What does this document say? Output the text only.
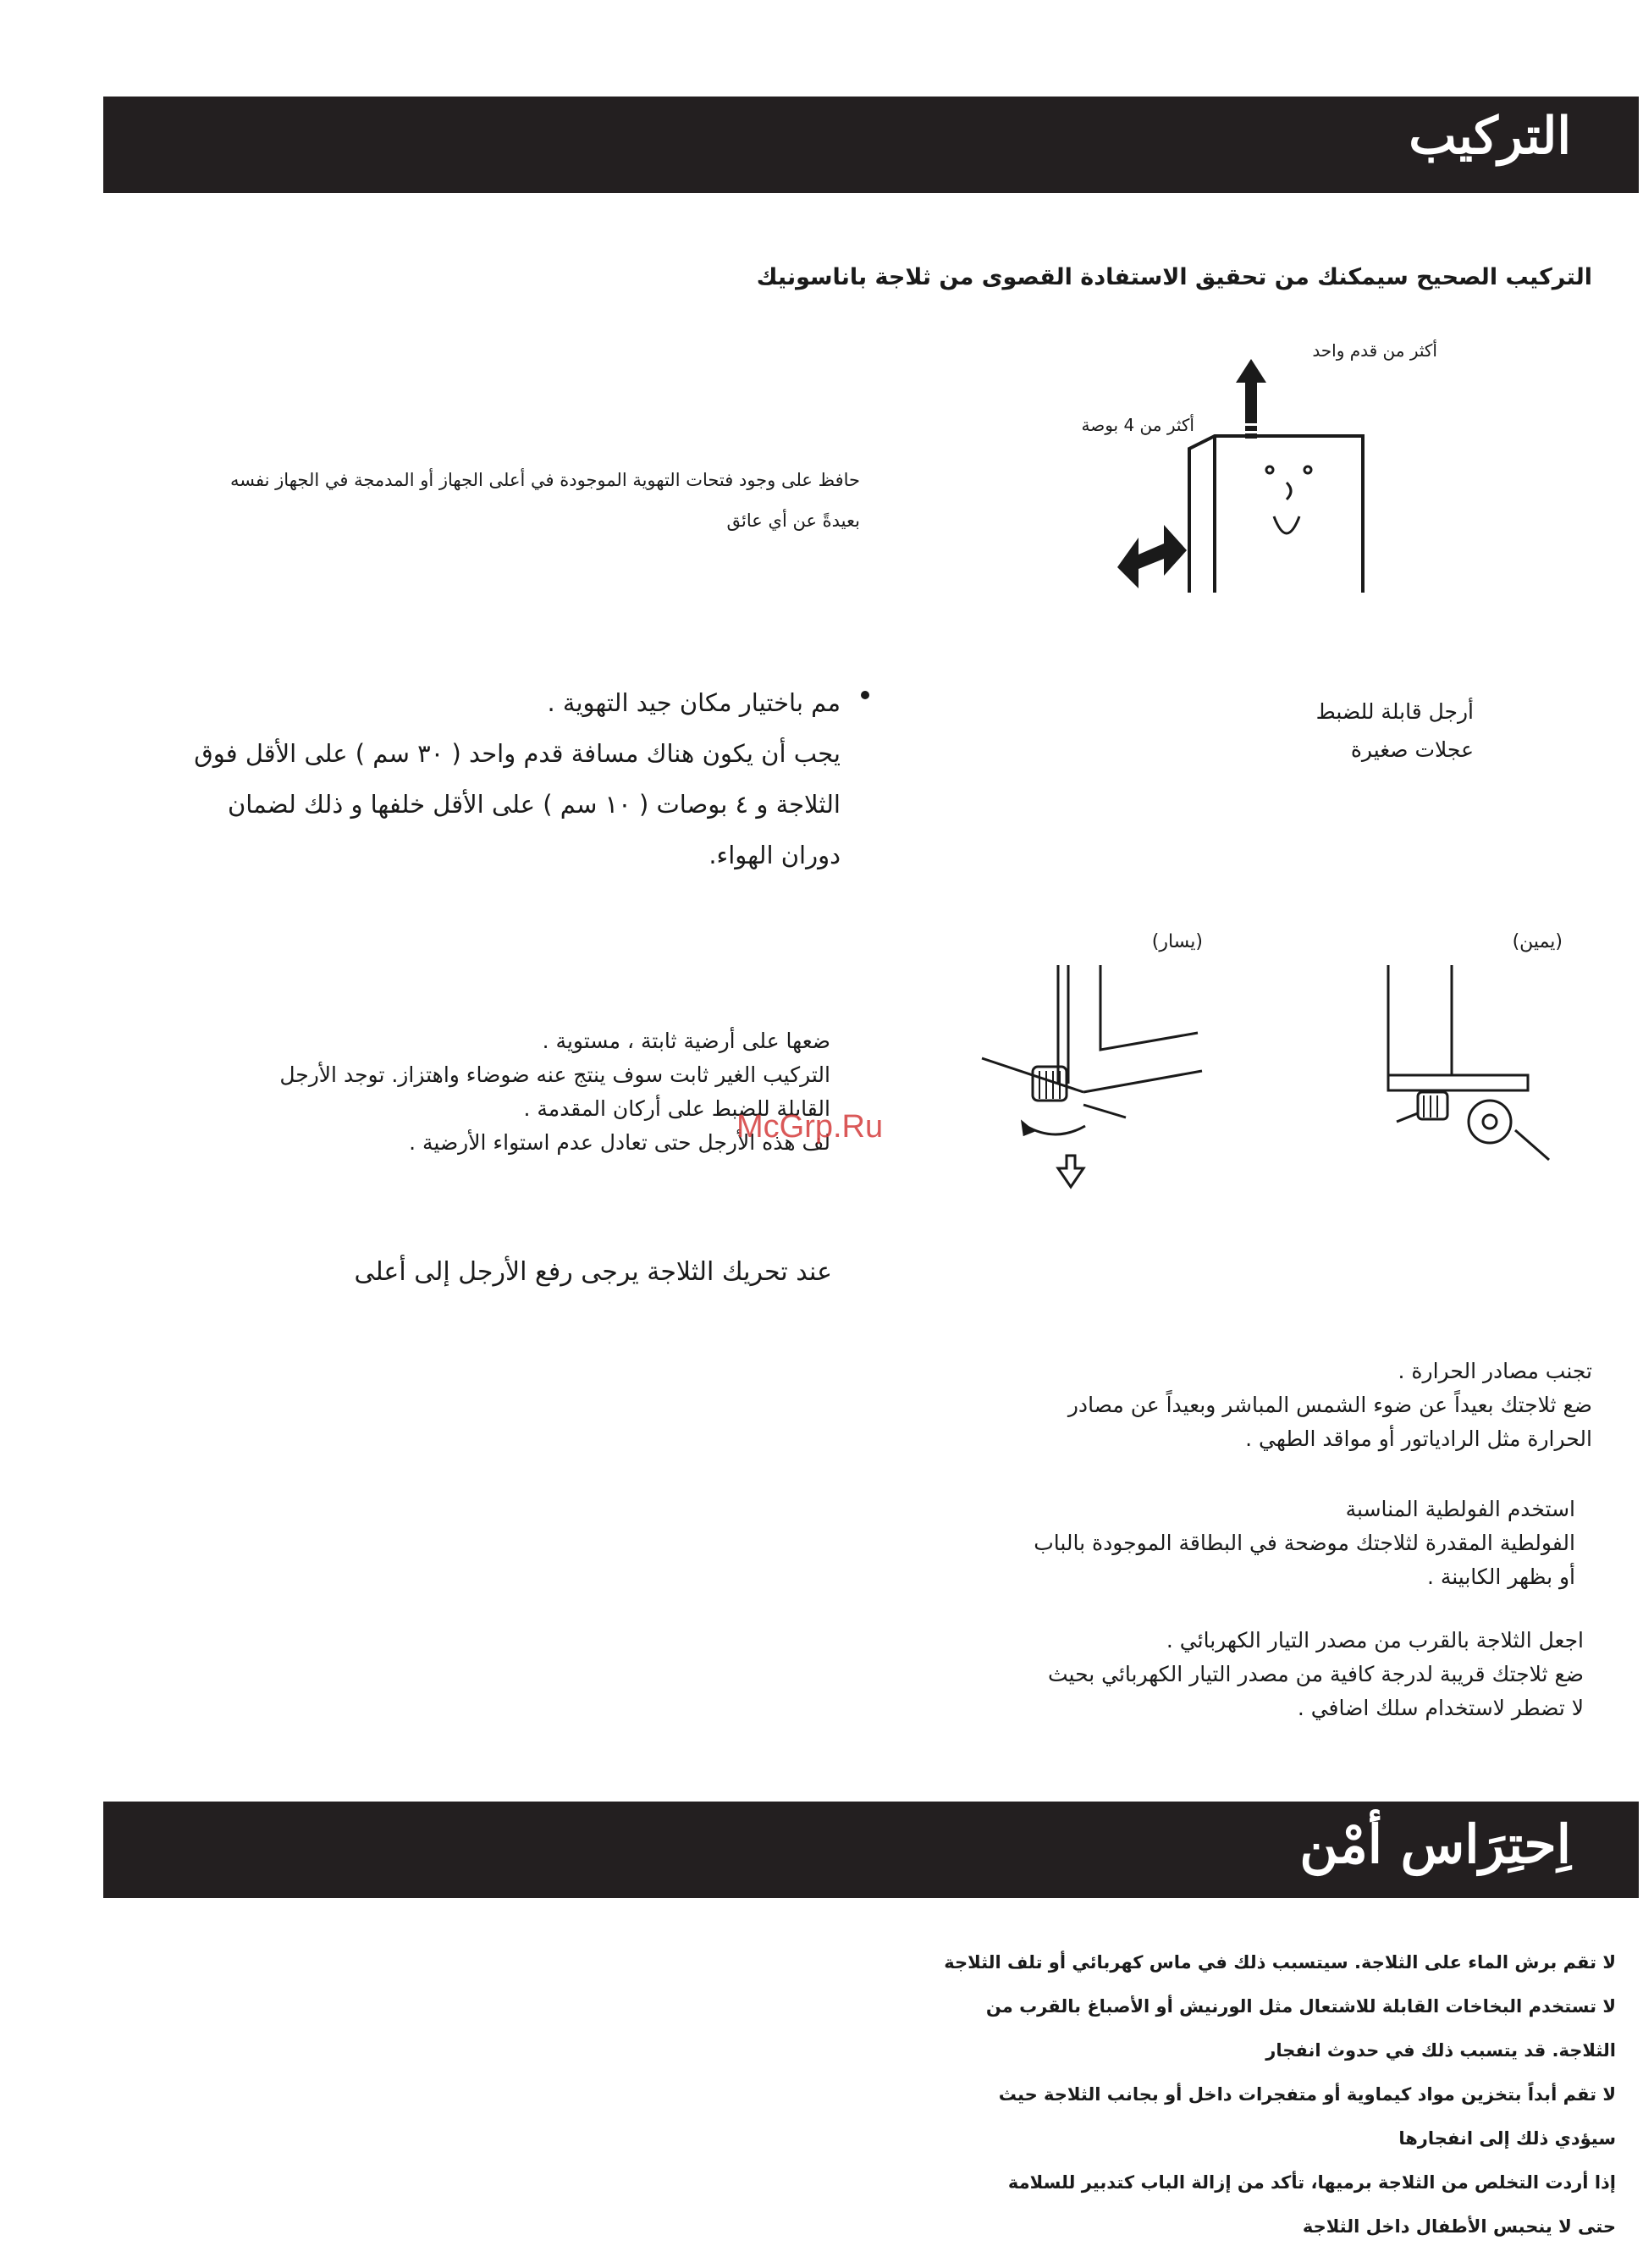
التركيب
التركيب الصحيح سيمكنك من تحقيق الاستفادة القصوى من ثلاجة باناسونيك
أكثر من قدم واحد
أكثر من 4 بوصة
حافظ على وجود فتحات التهوية الموجودة في أعلى الجهاز أو المدمجة في الجهاز نفسه
بعيدةً عن أي عائق
مم باختيار مكان جيد التهوية .
يجب أن يكون هناك مسافة قدم واحد ( ٣٠ سم ) على الأقل فوق
الثلاجة و ٤ بوصات ( ١٠ سم ) على الأقل خلفها و ذلك لضمان
دوران الهواء.
أرجل قابلة للضبط
عجلات صغيرة
(يسار)	(يمين)
ضعها على أرضية ثابتة ، مستوية .
التركيب الغير ثابت سوف ينتج عنه ضوضاء واهتزاز. توجد الأرجل
القابلة للضبط على أركان المقدمة .
لف هذه الأرجل حتى تعادل عدم استواء الأرضية .
McGrp.Ru
عند تحريك الثلاجة يرجى رفع الأرجل إلى أعلى
تجنب مصادر الحرارة .
ضع ثلاجتك بعيداً عن ضوء الشمس المباشر وبعيداً عن مصادر
الحرارة مثل الرادياتور أو مواقد الطهي .
استخدم الفولطية المناسبة
الفولطية المقدرة لثلاجتك موضحة في البطاقة الموجودة بالباب
أو بظهر الكابينة .
اجعل الثلاجة بالقرب من مصدر التيار الكهربائي .
ضع ثلاجتك قريبة لدرجة كافية من مصدر التيار الكهربائي بحيث
لا تضطر لاستخدام سلك اضافي .
اِحتِرَاس أمْن
لا تقم برش الماء على الثلاجة. سيتسبب ذلك في ماس كهربائي أو تلف الثلاجة
لا تستخدم البخاخات القابلة للاشتعال مثل الورنيش أو الأصباغ بالقرب من
الثلاجة. قد يتسبب ذلك في حدوث انفجار
لا تقم أبداً بتخزين مواد كيماوية أو متفجرات داخل أو بجانب الثلاجة حيث
سيؤدي ذلك إلى انفجارها
إذا أردت التخلص من الثلاجة برميها، تأكد من إزالة الباب كتدبير للسلامة
حتى لا ينحبس الأطفال داخل الثلاجة
